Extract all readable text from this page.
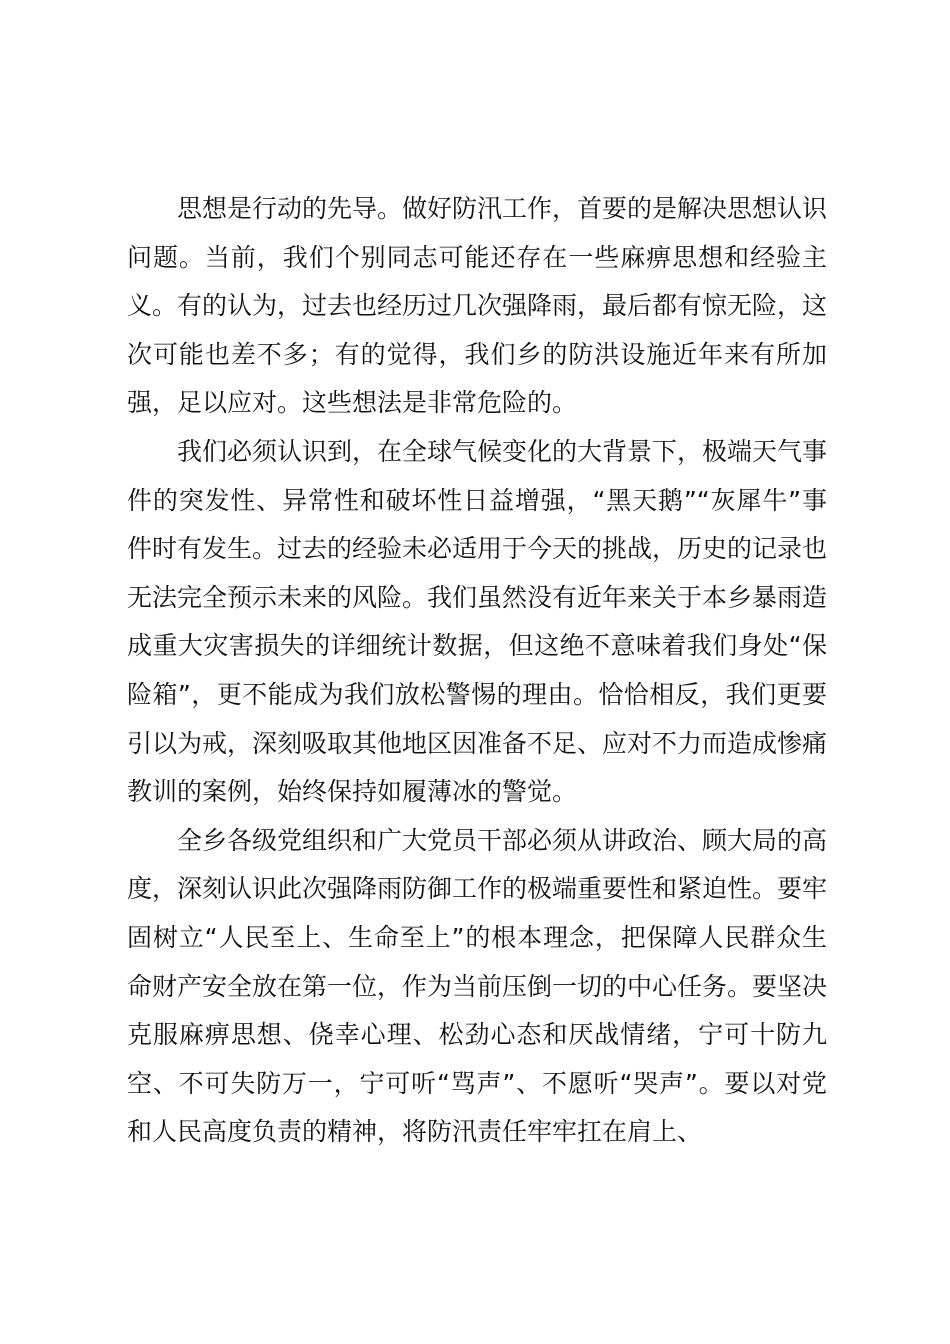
思想是行动的先导。做好防汛工作，首要的是解决思想认识问题。当前，我们个别同志可能还存在一些麻痹思想和经验主义。有的认为，过去也经历过几次强降雨，最后都有惊无险，这次可能也差不多；有的觉得，我们乡的防洪设施近年来有所加强，足以应对。这些想法是非常危险的。

我们必须认识到，在全球气候变化的大背景下，极端天气事件的突发性、异常性和破坏性日益增强，“黑天鹅”“灰犀牛”事件时有发生。过去的经验未必适用于今天的挑战，历史的记录也无法完全预示未来的风险。我们虽然没有近年来关于本乡暴雨造成重大灾害损失的详细统计数据，但这绝不意味着我们身处“保险箱”，更不能成为我们放松警惕的理由。恰恰相反，我们更要引以为戒，深刻吸取其他地区因准备不足、应对不力而造成惨痛教训的案例，始终保持如履薄冰的警觉。

全乡各级党组织和广大党员干部必须从讲政治、顾大局的高度，深刻认识此次强降雨防御工作的极端重要性和紧迫性。要牢固树立“人民至上、生命至上”的根本理念，把保障人民群众生命财产安全放在第一位，作为当前压倒一切的中心任务。要坚决克服麻痹思想、侥幸心理、松劲心态和厌战情绪，宁可十防九空、不可失防万一，宁可听“骂声”、不愿听“哭声”。要以对党和人民高度负责的精神，将防汛责任牢牢扛在肩上、
